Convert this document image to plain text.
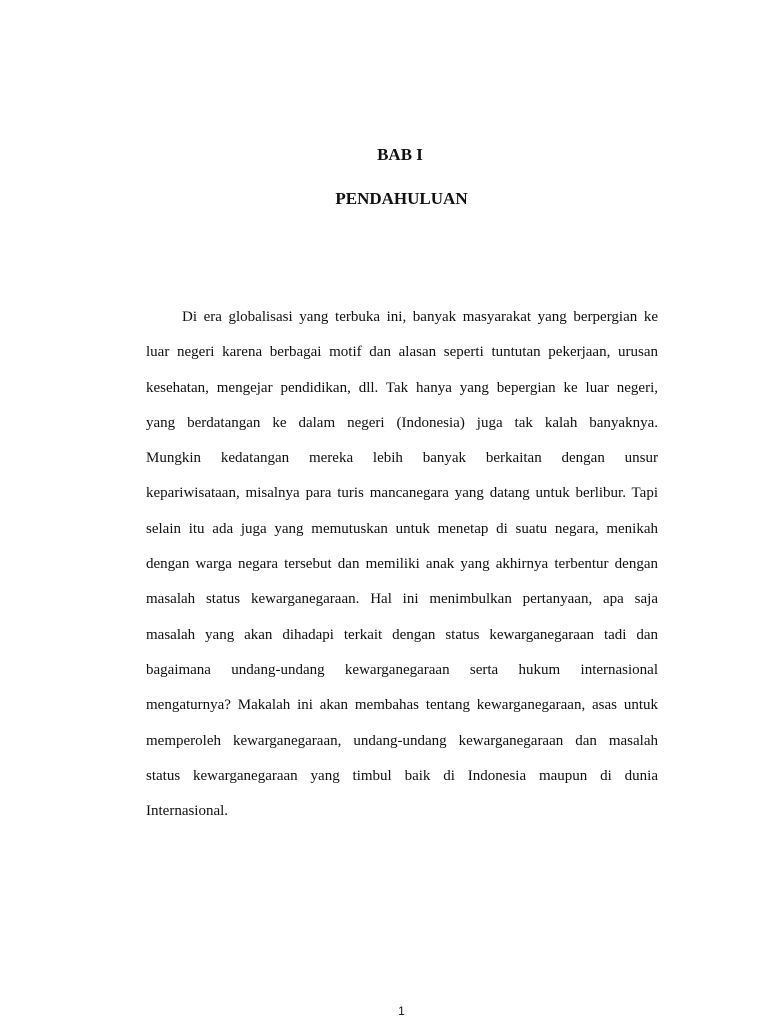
BAB I
PENDAHULUAN
Di era globalisasi yang terbuka ini, banyak masyarakat yang berpergian ke
luar negeri karena berbagai motif dan alasan seperti tuntutan pekerjaan, urusan
kesehatan, mengejar pendidikan, dll. Tak hanya yang bepergian ke luar negeri,
yang berdatangan ke dalam negeri (Indonesia) juga tak kalah banyaknya.
Mungkin kedatangan mereka lebih banyak berkaitan dengan unsur
kepariwisataan, misalnya para turis mancanegara yang datang untuk berlibur. Tapi
selain itu ada juga yang memutuskan untuk menetap di suatu negara, menikah
dengan warga negara tersebut dan memiliki anak yang akhirnya terbentur dengan
masalah status kewarganegaraan. Hal ini menimbulkan pertanyaan, apa saja
masalah yang akan dihadapi terkait dengan status kewarganegaraan tadi dan
bagaimana undang-undang kewarganegaraan serta hukum internasional
mengaturnya? Makalah ini akan membahas tentang kewarganegaraan, asas untuk
memperoleh kewarganegaraan, undang-undang kewarganegaraan dan masalah
status kewarganegaraan yang timbul baik di Indonesia maupun di dunia
Internasional.
1
